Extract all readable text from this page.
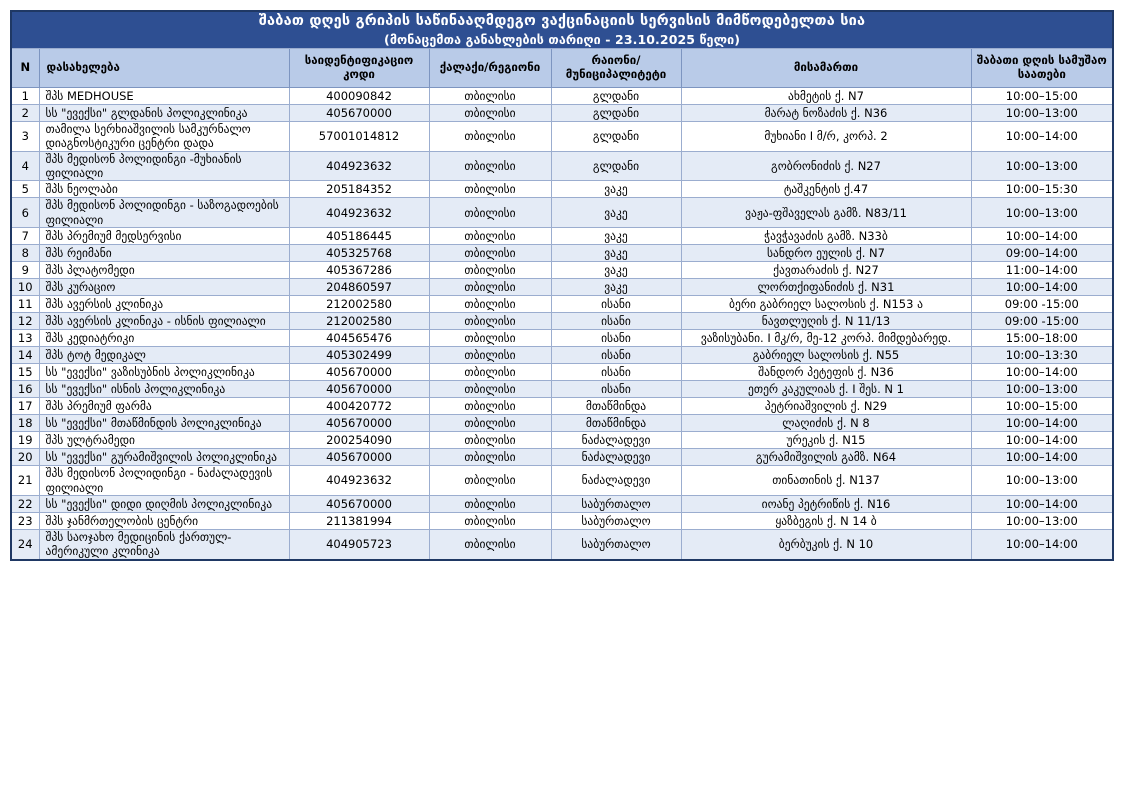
შაბათ დღეს გრიპის საწინააღმდეგო ვაქცინაციის სერვისის მიმწოდებელთა სია
(მონაცემთა განახლების თარიღი - 23.10.2025 წელი)						

N	დასახელება	საიდენტიფიკაციო კოდი	ქალაქი/რეგიონი	რაიონი/მუნიციპალიტეტი	მისამართი	შაბათი დღის სამუშაო საათები
1	შპს MEDHOUSE	400090842	თბილისი	გლდანი	ახმეტის ქ. N7	10:00–15:00
2	სს "ევექსი" გლდანის პოლიკლინიკა	405670000	თბილისი	გლდანი	მარატ ნოზაძის ქ. N36	10:00–13:00
3	თამილა სერხიაშვილის სამკურნალო დიაგნოსტიკური ცენტრი დადა	57001014812	თბილისი	გლდანი	მუხიანი I მ/რ, კორპ. 2	10:00–14:00
4	შპს მედისონ პოლიდინგი -მუხიანის ფილიალი	404923632	თბილისი	გლდანი	გობრონიძის ქ. N27	10:00–13:00
5	შპს ნეოლაბი	205184352	თბილისი	ვაკე	ტაშკენტის ქ.47	10:00–15:30
6	შპს მედისონ პოლიდინგი - საზოგადოების ფილიალი	404923632	თბილისი	ვაკე	ვაჟა-ფშაველას გამზ. N83/11	10:00–13:00
7	შპს პრემიუმ მედსერვისი	405186445	თბილისი	ვაკე	ჭავჭავაძის გამზ. N33ბ	10:00–14:00
8	შპს რეიმანი	405325768	თბილისი	ვაკე	სანდრო ეულის ქ. N7	09:00–14:00
9	შპს პლატომედი	405367286	თბილისი	ვაკე	ქავთარაძის ქ. N27	11:00–14:00
10	შპს კურაციო	204860597	თბილისი	ვაკე	ლორთქიფანიძის ქ. N31	10:00–14:00
11	შპს ავერსის კლინიკა	212002580	თბილისი	ისანი	ბერი გაბრიელ სალოსის ქ. N153 ა	09:00 -15:00
12	შპს ავერსის კლინიკა - ისნის ფილიალი	212002580	თბილისი	ისანი	ნავთლუღის ქ. N 11/13	09:00 -15:00
13	შპს კედიატრიკი	404565476	თბილისი	ისანი	ვაზისუბანი. I მკ/რ, მე-12 კორპ. მიმდებარედ.	15:00–18:00
14	შპს ტოტ მედიკალ	405302499	თბილისი	ისანი	გაბრიელ სალოსის ქ. N55	10:00–13:30
15	სს "ევექსი" ვაზისუბნის პოლიკლინიკა	405670000	თბილისი	ისანი	შანდორ პეტეფის ქ. N36	10:00–14:00
16	სს "ევექსი" ისნის პოლიკლინიკა	405670000	თბილისი	ისანი	ეთერ კაკულიას ქ. I შეს. N 1	10:00–13:00
17	შპს პრემიუმ ფარმა	400420772	თბილისი	მთაწმინდა	პეტრიაშვილის ქ. N29	10:00–15:00
18	სს "ევექსი" მთაწმინდის პოლიკლინიკა	405670000	თბილისი	მთაწმინდა	ლაღიძის ქ. N 8	10:00–14:00
19	შპს ულტრამედი	200254090	თბილისი	ნაძალადევი	ურეკის ქ. N15	10:00–14:00
20	სს "ევექსი" გურამიშვილის პოლიკლინიკა	405670000	თბილისი	ნაძალადევი	გურამიშვილის გამზ. N64	10:00–14:00
21	შპს მედისონ პოლიდინგი - ნაძალადევის ფილიალი	404923632	თბილისი	ნაძალადევი	თინათინის ქ. N137	10:00–13:00
22	სს "ევექსი" დიდი დიღმის პოლიკლინიკა	405670000	თბილისი	საბურთალო	იოანე პეტრიწის ქ. N16	10:00–14:00
23	შპს ჯანმრთელობის ცენტრი	211381994	თბილისი	საბურთალო	ყაზბეგის ქ. N 14 ბ	10:00–13:00
24	შპს საოჯახო მედიცინის ქართულ-ამერიკული კლინიკა	404905723	თბილისი	საბურთალო	ბერბუკის ქ. N 10	10:00–14:00
